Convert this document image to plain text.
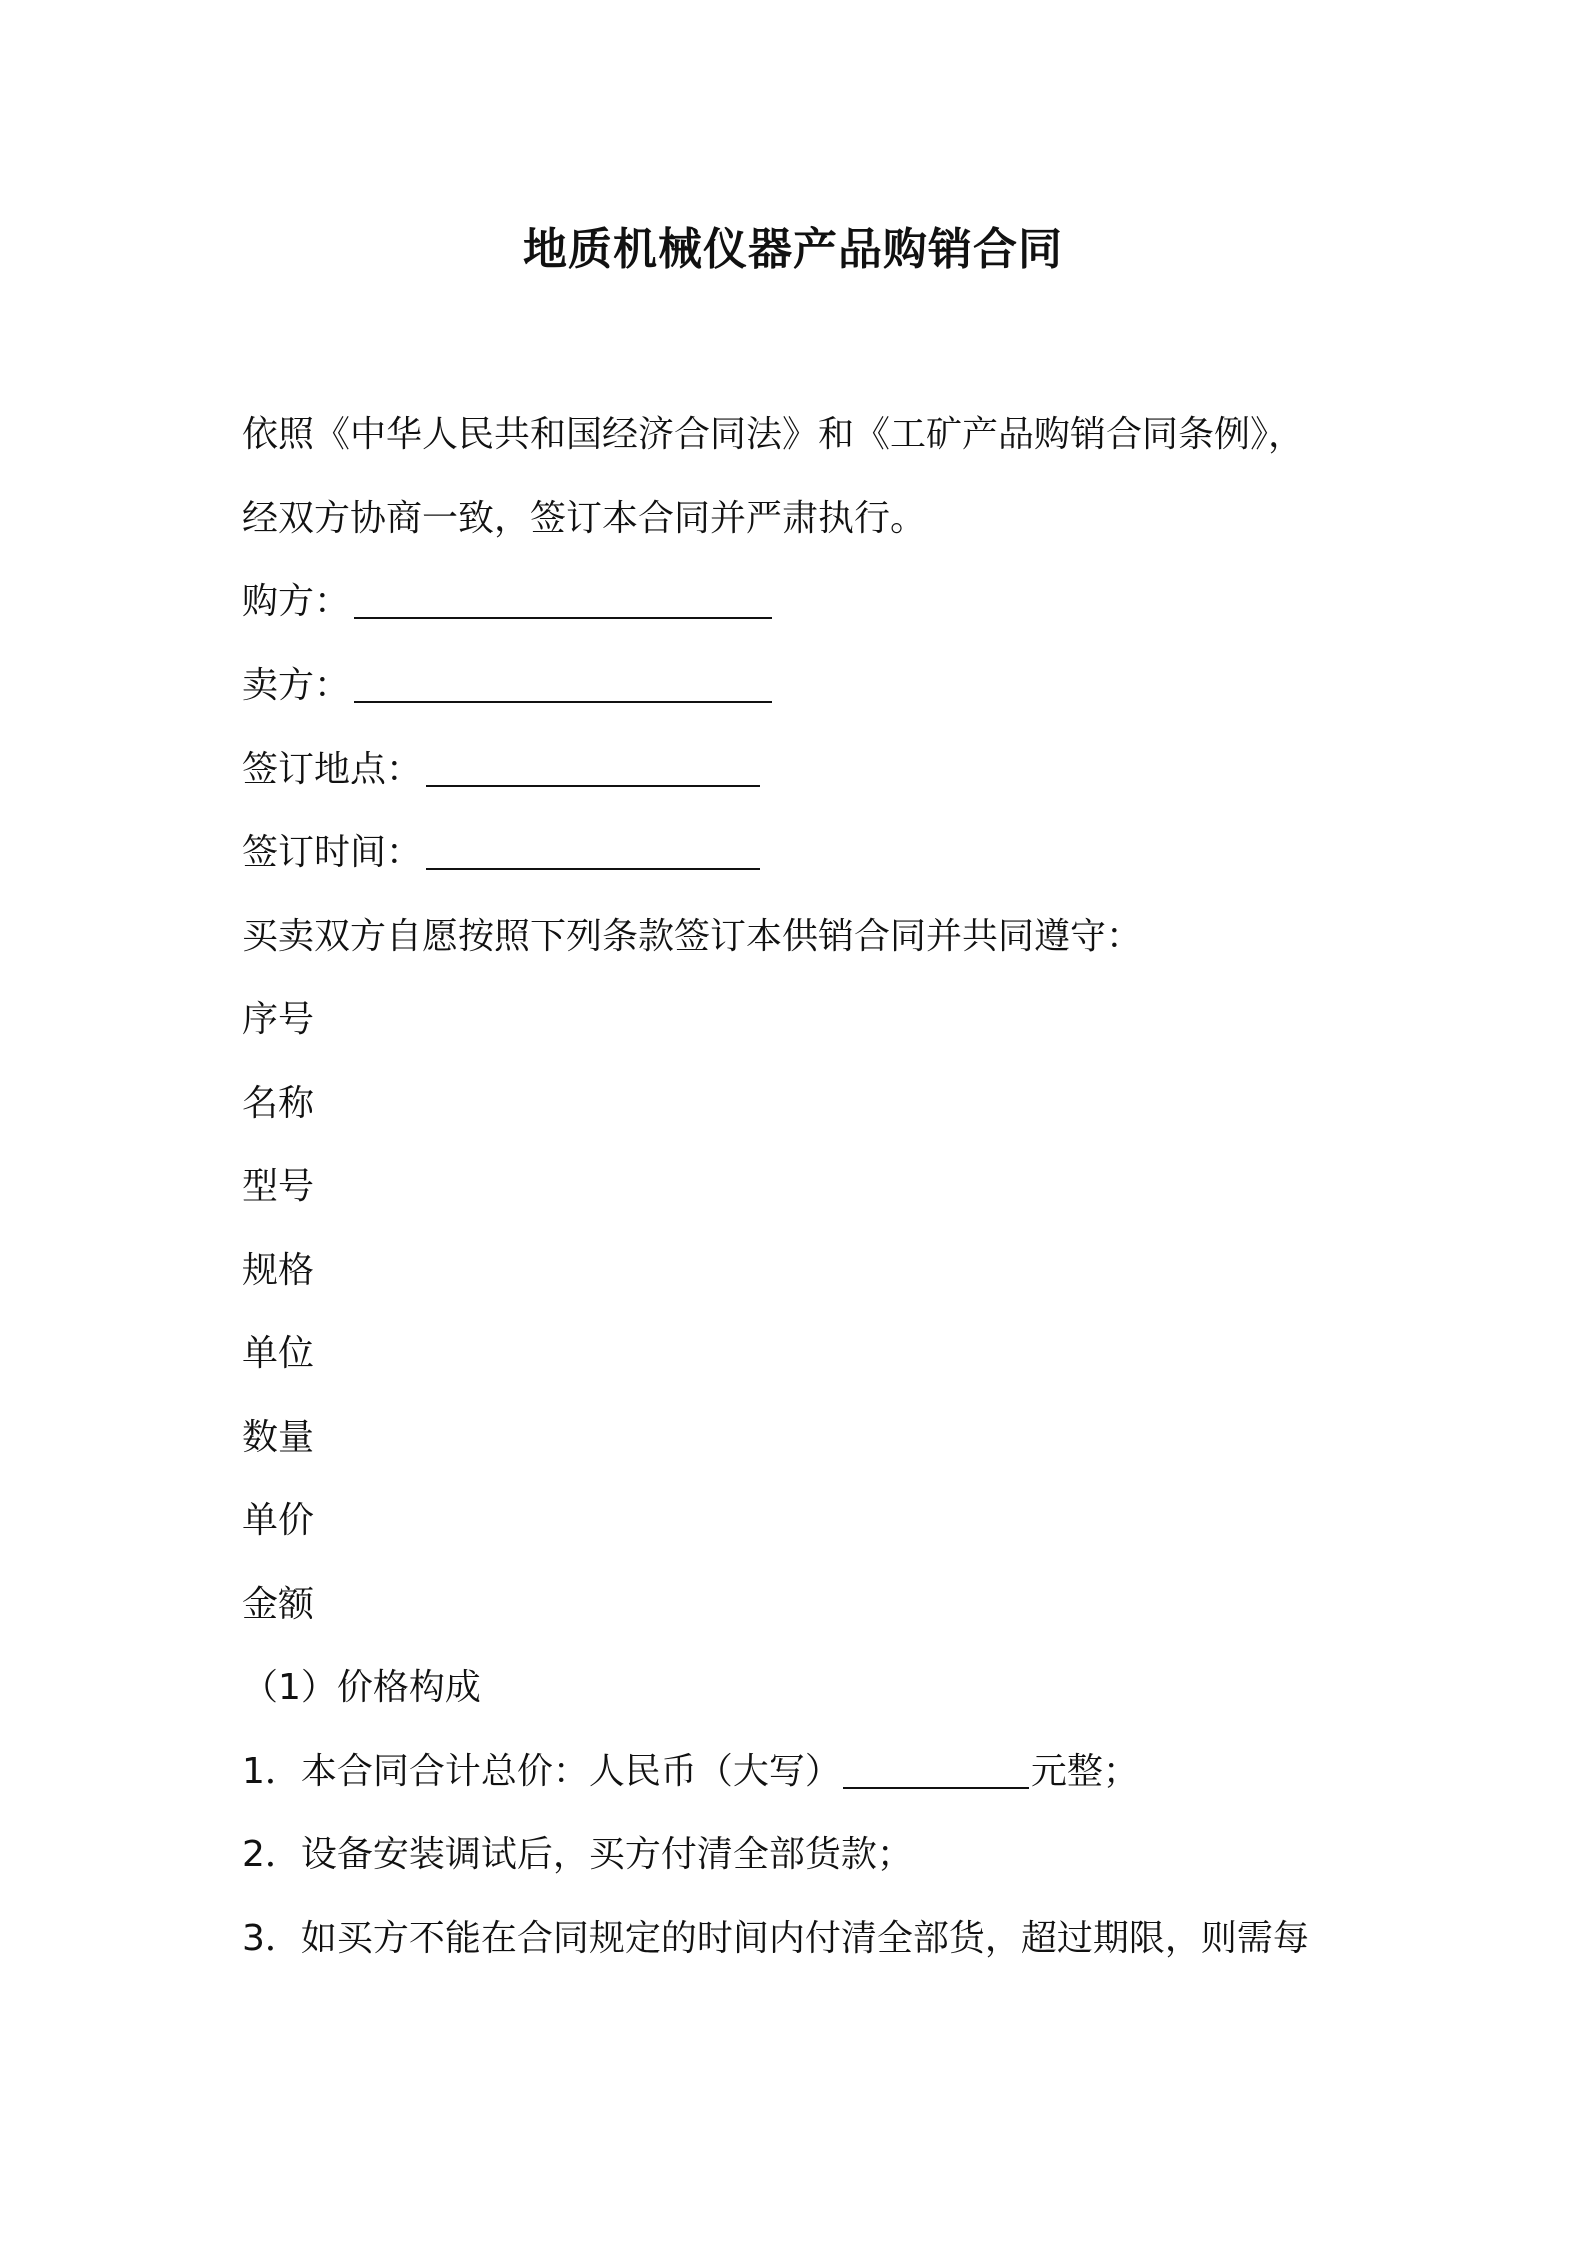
地质机械仪器产品购销合同
依照《中华人民共和国经济合同法》和《工矿产品购销合同条例》，
经双方协商一致，签订本合同并严肃执行。
购方：
卖方：
签订地点：
签订时间：
买卖双方自愿按照下列条款签订本供销合同并共同遵守：
序号
名称
型号
规格
单位
数量
单价
金额
（1）价格构成
1．本合同合计总价：人民币（大写）	元整；
2．设备安装调试后，买方付清全部货款；
3．如买方不能在合同规定的时间内付清全部货，超过期限，则需每
